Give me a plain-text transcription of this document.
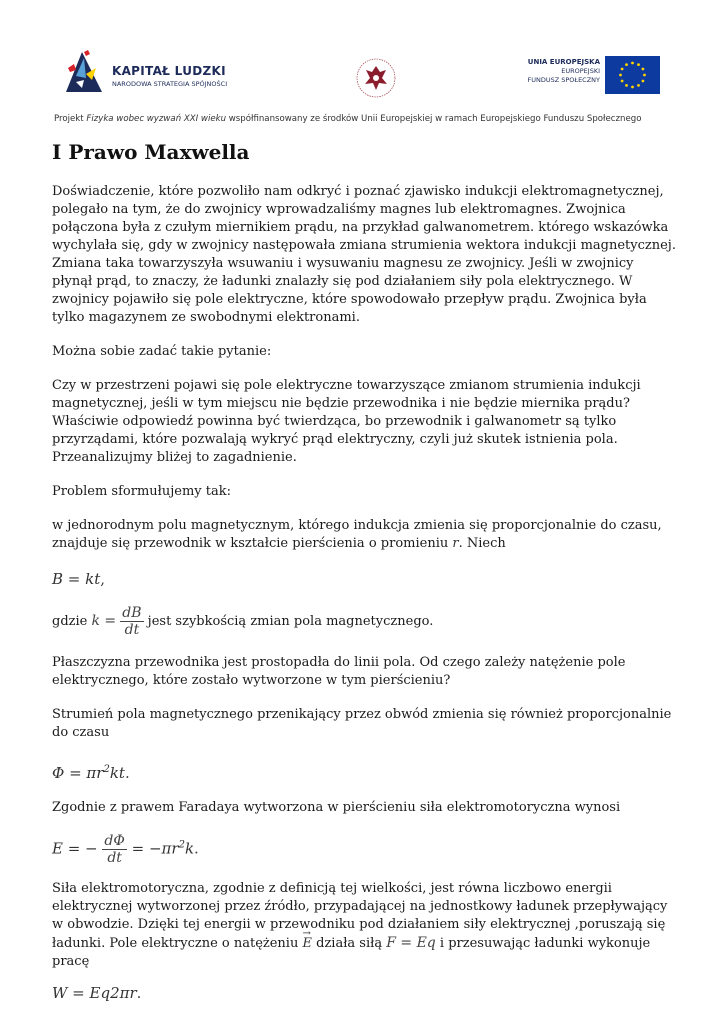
KAPITAŁ LUDZKI
NARODOWA STRATEGIA SPÓJNOŚCI
UNIA EUROPEJSKA
EUROPEJSKI
FUNDUSZ SPOŁECZNY
Projekt Fizyka wobec wyzwań XXI wieku współfinansowany ze środków Unii Europejskiej w ramach Europejskiego Funduszu Społecznego
I Prawo Maxwella

Doświadczenie, które pozwoliło nam odkryć i poznać zjawisko indukcji elektromagnetycznej, polegało na tym, że do zwojnicy wprowadzaliśmy magnes lub elektromagnes. Zwojnica połączona była z czułym miernikiem prądu, na przykład galwanometrem. którego wskazówka wychylała się, gdy w zwojnicy następowała zmiana strumienia wektora indukcji magnetycznej. Zmiana taka towarzyszyła wsuwaniu i wysuwaniu magnesu ze zwojnicy. Jeśli w zwojnicy płynął prąd, to znaczy, że ładunki znalazły się pod działaniem siły pola elektrycznego. W zwojnicy pojawiło się pole elektryczne, które spowodowało przepływ prądu. Zwojnica była tylko magazynem ze swobodnymi elektronami.

Można sobie zadać takie pytanie:

Czy w przestrzeni pojawi się pole elektryczne towarzyszące zmianom strumienia indukcji magnetycznej, jeśli w tym miejscu nie będzie przewodnika i nie będzie miernika prądu? Właściwie odpowiedź powinna być twierdząca, bo przewodnik i galwanometr są tylko przyrządami, które pozwalają wykryć prąd elektryczny, czyli już skutek istnienia pola. Przeanalizujmy bliżej to zagadnienie.

Problem sformułujemy tak:

w jednorodnym polu magnetycznym, którego indukcja zmienia się proporcjonalnie do czasu, znajduje się przewodnik w kształcie pierścienia o promieniu r. Niech

B = kt,

gdzie $k = \frac{dB}{dt}$ jest szybkością zmian pola magnetycznego.

Płaszczyzna przewodnika jest prostopadła do linii pola. Od czego zależy natężenie pole elektrycznego, które zostało wytworzone w tym pierścieniu?

Strumień pola magnetycznego przenikający przez obwód zmienia się również proporcjonalnie do czasu

$\Phi = \pi r^2kt$.

Zgodnie z prawem Faradaya wytworzona w pierścieniu siła elektromotoryczna wynosi

E = − $\frac{d\Phi}{dt} = -\pi r^2k$.

Siła elektromotoryczna, zgodnie z definicją tej wielkości, jest równa liczbowo energii elektrycznej wytworzonej przez źródło, przypadającej na jednostkowy ładunek przepływający w obwodzie. Dzięki tej energii w przewodniku pod działaniem siły elektrycznej ,poruszają się ładunki. Pole elektryczne o natężeniu → E działa siłą F = Eq i przesuwając ładunki wykonuje pracę

W = Eq2πr.
